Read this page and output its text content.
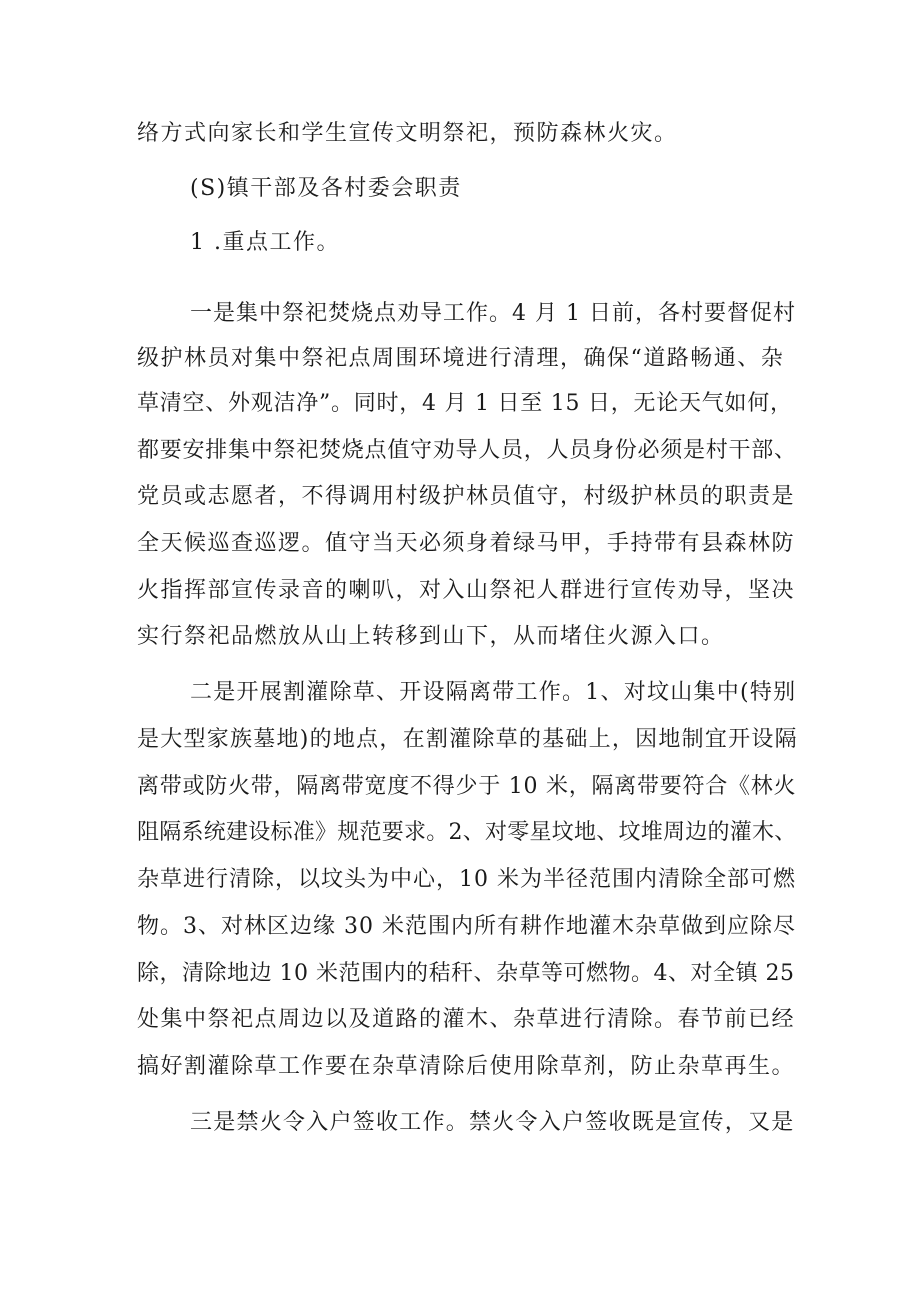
络方式向家长和学生宣传文明祭祀，预防森林火灾。
(S)镇干部及各村委会职责
1 .重点工作。
一是集中祭祀焚烧点劝导工作。4 月 1 日前，各村要督促村
级护林员对集中祭祀点周围环境进行清理，确保“道路畅通、杂
草清空、外观洁净”。同时，4 月 1 日至 15 日，无论天气如何，
都要安排集中祭祀焚烧点值守劝导人员，人员身份必须是村干部、
党员或志愿者，不得调用村级护林员值守，村级护林员的职责是
全天候巡查巡逻。值守当天必须身着绿马甲，手持带有县森林防
火指挥部宣传录音的喇叭，对入山祭祀人群进行宣传劝导，坚决
实行祭祀品燃放从山上转移到山下，从而堵住火源入口。
二是开展割灌除草、开设隔离带工作。1、对坟山集中(特别
是大型家族墓地)的地点，在割灌除草的基础上，因地制宜开设隔
离带或防火带，隔离带宽度不得少于 10 米，隔离带要符合《林火
阻隔系统建设标准》规范要求。2、对零星坟地、坟堆周边的灌木、
杂草进行清除，以坟头为中心，10 米为半径范围内清除全部可燃
物。3、对林区边缘 30 米范围内所有耕作地灌木杂草做到应除尽
除，清除地边 10 米范围内的秸秆、杂草等可燃物。4、对全镇 25
处集中祭祀点周边以及道路的灌木、杂草进行清除。春节前已经
搞好割灌除草工作要在杂草清除后使用除草剂，防止杂草再生。
三是禁火令入户签收工作。禁火令入户签收既是宣传，又是
